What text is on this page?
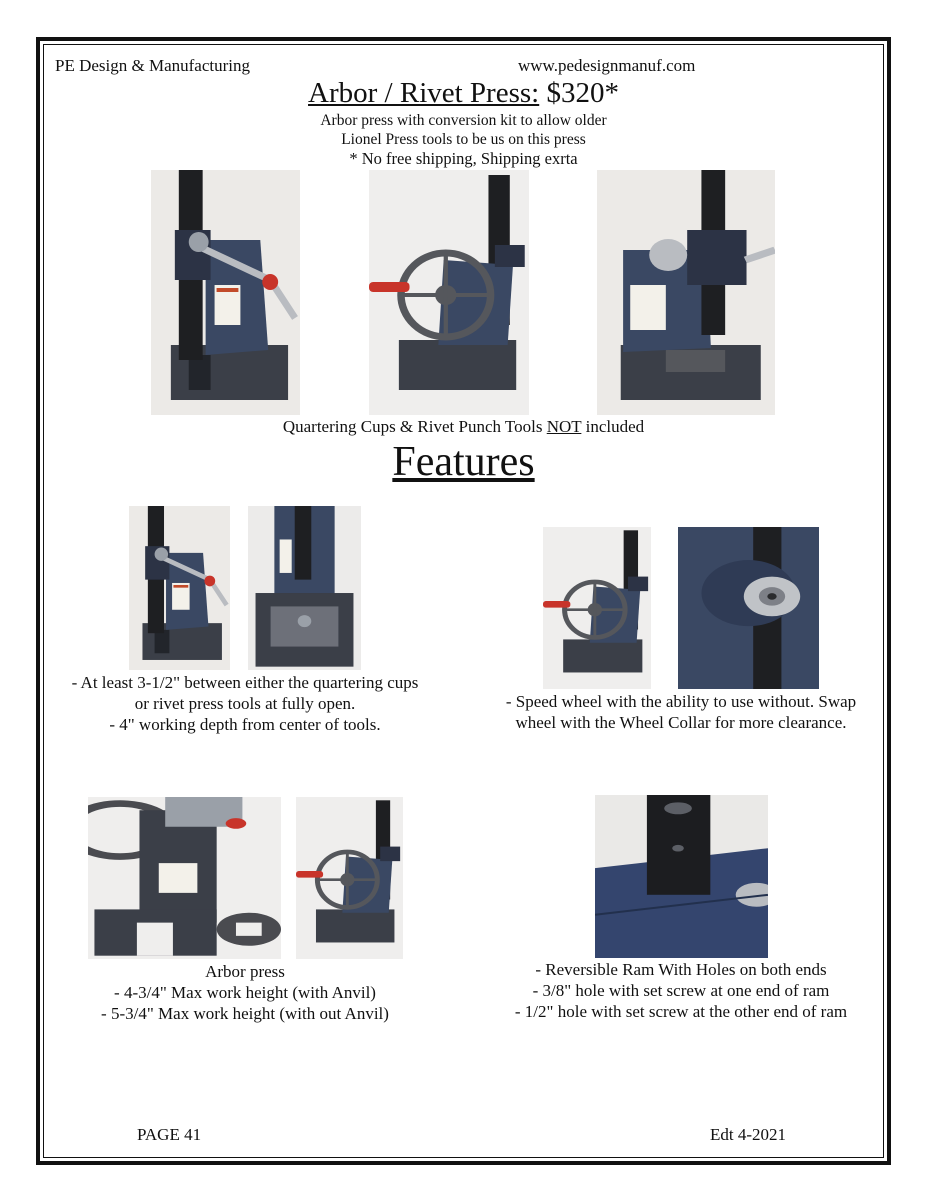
PE Design & Manufacturing	www.pedesignmanuf.com
Arbor / Rivet Press: $320*
Arbor press with conversion kit to allow older
Lionel Press tools to be us on this press
* No free shipping, Shipping exrta
Quartering Cups & Rivet Punch Tools NOT included
Features
- At least 3-1/2" between either the quartering cups
or rivet press tools at fully open.
- 4" working depth from center of tools.
- Speed wheel with the ability to use without. Swap
wheel with the Wheel Collar for more clearance.
Arbor press
- 4-3/4" Max work height (with Anvil)
- 5-3/4" Max work height (with out Anvil)
- Reversible Ram With Holes on both ends
- 3/8" hole with set screw at one end of ram
- 1/2" hole with set screw at the other end of ram
PAGE 41	Edt 4-2021
